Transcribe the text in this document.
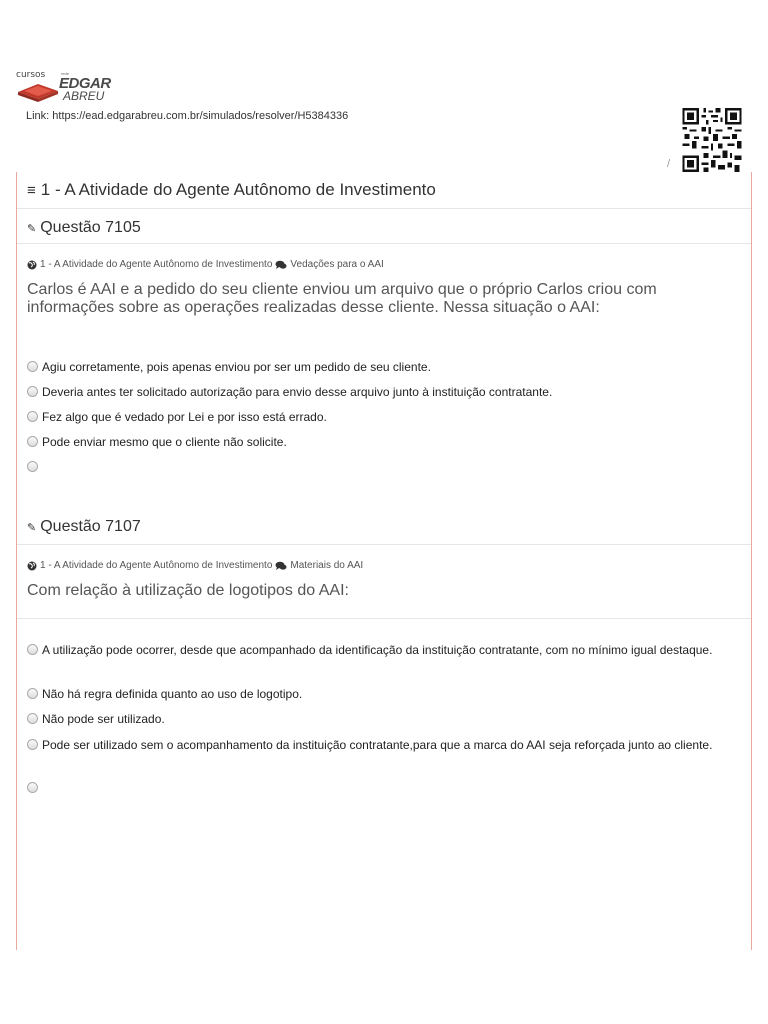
cursos	rede
EDGAR
ABREU
Link: https://ead.edgarabreu.com.br/simulados/resolver/H5384336
/
≡ 1 - A Atividade do Agente Autônomo de Investimento
✎ Questão 7105
1 - A Atividade do Agente Autônomo de Investimento Vedações para o AAI
Carlos é AAI e a pedido do seu cliente enviou um arquivo que o próprio Carlos criou com informações sobre as operações realizadas desse cliente. Nessa situação o AAI:
Agiu corretamente, pois apenas enviou por ser um pedido de seu cliente.
Deveria antes ter solicitado autorização para envio desse arquivo junto à instituição contratante.
Fez algo que é vedado por Lei e por isso está errado.
Pode enviar mesmo que o cliente não solicite.
✎ Questão 7107
1 - A Atividade do Agente Autônomo de Investimento Materiais do AAI
Com relação à utilização de logotipos do AAI:
A utilização pode ocorrer, desde que acompanhado da identificação da instituição contratante, com no mínimo igual destaque.
Não há regra definida quanto ao uso de logotipo.
Não pode ser utilizado.
Pode ser utilizado sem o acompanhamento da instituição contratante,para que a marca do AAI seja reforçada junto ao cliente.
